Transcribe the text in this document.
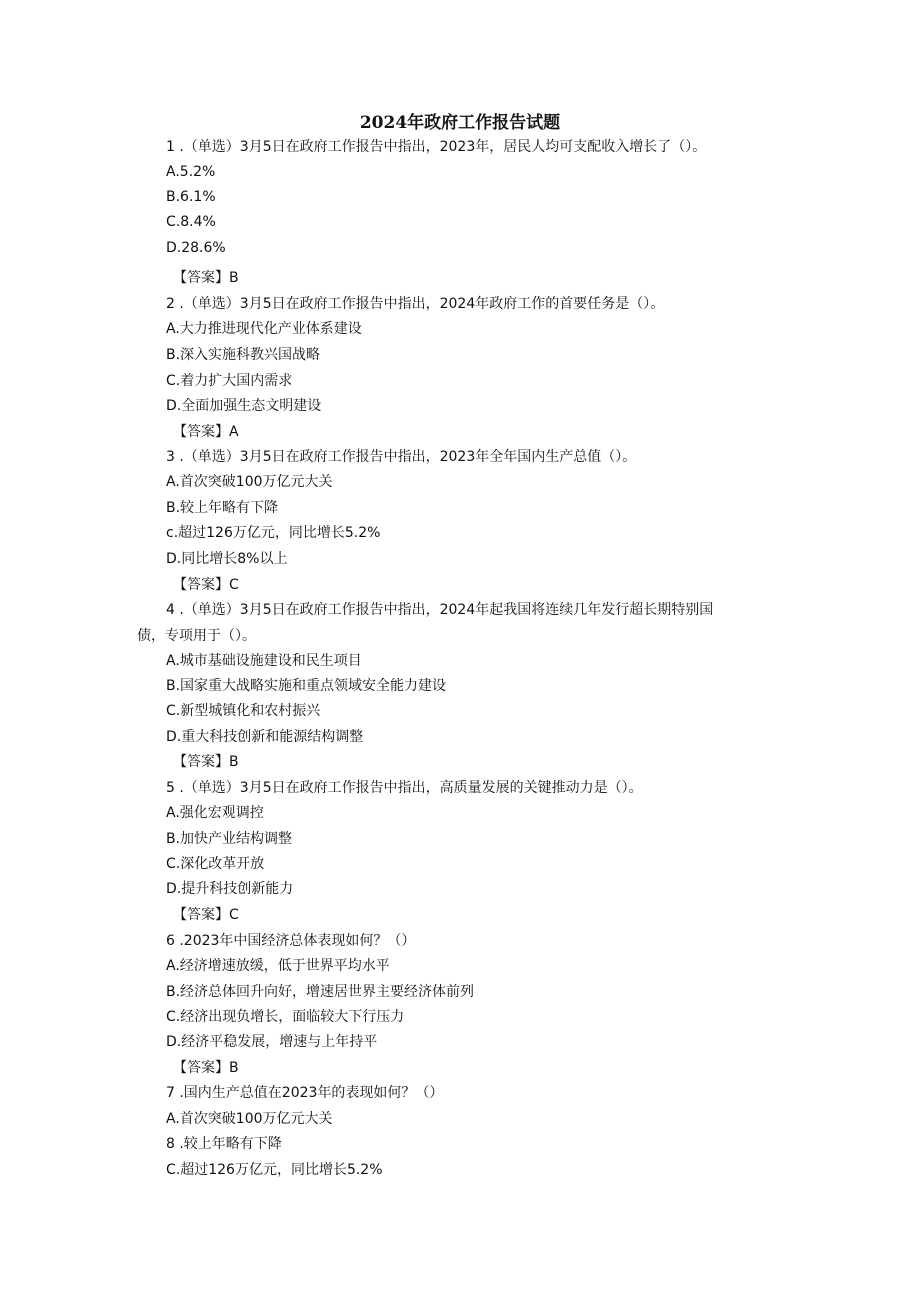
2024年政府工作报告试题
1 .（单选）3月5日在政府工作报告中指出，2023年，居民人均可支配收入增长了（）。
A.5.2%
B.6.1%
C.8.4%
D.28.6%
【答案】B
2 .（单选）3月5日在政府工作报告中指出，2024年政府工作的首要任务是（）。
A.大力推进现代化产业体系建设
B.深入实施科教兴国战略
C.着力扩大国内需求
D.全面加强生态文明建设
【答案】A
3 .（单选）3月5日在政府工作报告中指出，2023年全年国内生产总值（）。
A.首次突破100万亿元大关
B.较上年略有下降
c.超过126万亿元，同比增长5.2%
D.同比增长8%以上
【答案】C
4 .（单选）3月5日在政府工作报告中指出，2024年起我国将连续几年发行超长期特别国
债，专项用于（）。
A.城市基础设施建设和民生项目
B.国家重大战略实施和重点领域安全能力建设
C.新型城镇化和农村振兴
D.重大科技创新和能源结构调整
【答案】B
5 .（单选）3月5日在政府工作报告中指出，高质量发展的关键推动力是（）。
A.强化宏观调控
B.加快产业结构调整
C.深化改革开放
D.提升科技创新能力
【答案】C
6 .2023年中国经济总体表现如何？（）
A.经济增速放缓，低于世界平均水平
B.经济总体回升向好，增速居世界主要经济体前列
C.经济出现负增长，面临较大下行压力
D.经济平稳发展，增速与上年持平
【答案】B
7 .国内生产总值在2023年的表现如何？（）
A.首次突破100万亿元大关
8 .较上年略有下降
C.超过126万亿元，同比增长5.2%
